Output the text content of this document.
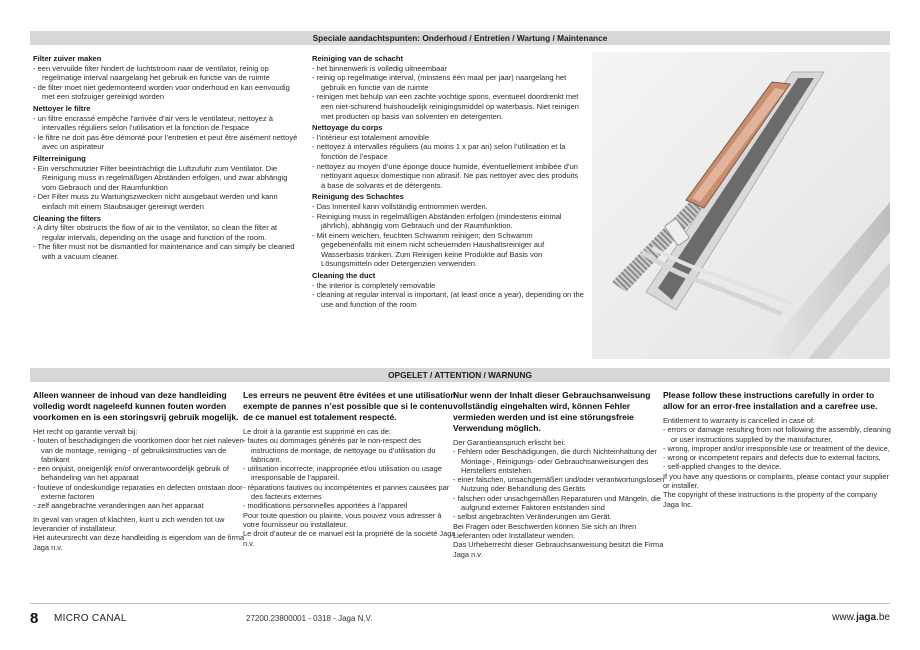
Speciale aandachtspunten: Onderhoud / Entretien / Wartung / Maintenance
Filter zuiver maken
- een vervuilde filter hindert de luchtstroom naar de ventilator, reinig op regelmatige interval naargelang het gebruik en functie van de ruimte
- de filter moet niet gedemonteerd worden voor onderhoud en kan eenvoudig met een stofzuiger gereinigd worden
Nettoyer le filtre
- un filtre encrassé empêche l’arrivée d’air vers le ventilateur, nettoyez à intervalles réguliers selon l’utilisation et la fonction de l’espace
- le filtre ne doit pas être démonté pour l’entretien et peut être aisément nettoyé avec un aspirateur
Filterreinigung
- Ein verschmutzter Filter beeinträchtigt die Luftzufuhr zum Ventilator. Die Reinigung muss in regelmäßigen Abständen erfolgen, und zwar abhängig vom Gebrauch und der Raumfunktion
- Der Filter muss zu Wartungszwecken nicht ausgebaut werden und kann einfach mit einem Staubsauger gereinigt werden
Cleaning the filters
- A dirty filter obstructs the flow of air to the ventilator, so clean the filter at regular intervals, depending on the usage and function of the room.
- The filter must not be dismantled for maintenance and can simply be cleaned with a vacuum cleaner.
Reiniging van de schacht
- het binnenwerk is volledig uitneembaar
- reinig op regelmatige interval, (minstens één maal per jaar) naargelang het gebruik en functie van de ruimte
- reinigen met behulp van een zachte vochtige spons, eventueel doordrenkt met een niet-schurend huishoudelijk reinigingsmiddel op waterbasis. Niet reinigen met producten op basis van solventen en detergenten.
Nettoyage du corps
- l’intérieur est totalement amovible
- nettoyez à intervalles réguliers (au moins 1 x par an) selon l’utilisation et la fonction de l’espace
- nettoyez au moyen d’une éponge douce humide, éventuellement imbibée d’un nettoyant aqueux domestique non abrasif. Ne pas nettoyer avec des produits à base de solvants et de détergents.
Reinigung des Schachtes
- Das Innenteil kann vollständig entnommen werden.
- Reinigung muss in regelmäßigen Abständen erfolgen (mindestens einmal jährlich), abhängig vom Gebrauch und der Raumfunktion.
- Mit einem weichen, feuchten Schwamm reinigen; den Schwamm gegebenenfalls mit einem nicht scheuernden Haushaltsreiniger auf Wasserbasis tränken. Zum Reinigen keine Produkte auf Basis von Lösungsmitteln oder Detergenzien verwenden.
Cleaning the duct
- the interior is completely removable
- cleaning at regular interval is important, (at least once a year), depending on the use and function of the room
OPGELET / ATTENTION / WARNUNG
Alleen wanneer de inhoud van deze handleiding volledig wordt nageleefd kunnen fouten worden voorkomen en is een storingsvrij gebruik mogelijk.
Het recht op garantie vervalt bij:
- fouten of beschadigingen die voortkomen door het niet naleven van de montage, reiniging - of gebruiksinstructies van de fabrikant
- een onjuist, oneigenlijk en/of onverantwoordelijk gebruik of behandeling van het apparaat
- foutieve of ondeskundige reparaties en defecten ontstaan door externe factoren
- zelf aangebrachte veranderingen aan het apparaat
In geval van vragen of klachten, kunt u zich wenden tot uw leverancier of installateur.
Het auteursrecht van deze handleiding is eigendom van de firma Jaga n.v.
Les erreurs ne peuvent être évitées et une utilisation exempte de pannes n’est possible que si le contenu de ce manuel est totalement respecté.
Le droit à la garantie est supprimé en cas de:
- fautes ou dommages générés par le non-respect des instructions de montage, de nettoyage ou d’utilisation du fabricant.
- utilisation incorrecte, inappropriée et/ou utilisation ou usage irresponsable de l’appareil.
- réparations fautives ou incompétentes et pannes causées par des facteurs externes
- modifications personnelles apportées à l’appareil
Pour toute question ou plainte, vous pouvez vous adresser à votre fournisseur ou installateur.
Le droit d’auteur de ce manuel est la propriété de la société Jaga n.v.
Nur wenn der Inhalt dieser Gebrauchsanweisung vollständig eingehalten wird, können Fehler vermieden werden und ist eine störungsfreie Verwendung möglich.
Der Garantieanspruch erlischt bei:
- Fehlern oder Beschädigungen, die durch Nichteinhaltung der Montage-, Reinigungs- oder Gebrauchsanweisungen des Herstellers entstehen.
- einer falschen, unsachgemäßen und/oder verantwortungslosen Nutzung oder Behandlung des Geräts
- falschen oder unsachgemäßen Reparaturen und Mängeln, die aufgrund externer Faktoren entstanden sind
- selbst angebrachten Veränderungen am Gerät.
Bei Fragen oder Beschwerden können Sie sich an Ihren Lieferanten oder Installateur wenden.
Das Urheberrecht dieser Gebrauchsanweisung besitzt die Firma Jaga n.v.
Please follow these instructions carefully in order to allow for an error-free installation and a carefree use.
Entitlement to warranty is cancelled in case of:
- errors or damage resulting from not following the assembly, cleaning or user instructions supplied by the manufacturer,
- wrong, improper and/or irresponsible use or treatment of the device,
- wrong or incompetent repairs and defects due to external factors,
- self-applied changes to the device.
If you have any questions or complaints, please contact your supplier or installer.
The copyright of these instructions is the property of the company Jaga Inc.
8 MICRO CANAL	27200.23800001 - 0318 - Jaga N.V.	www.jaga.be
